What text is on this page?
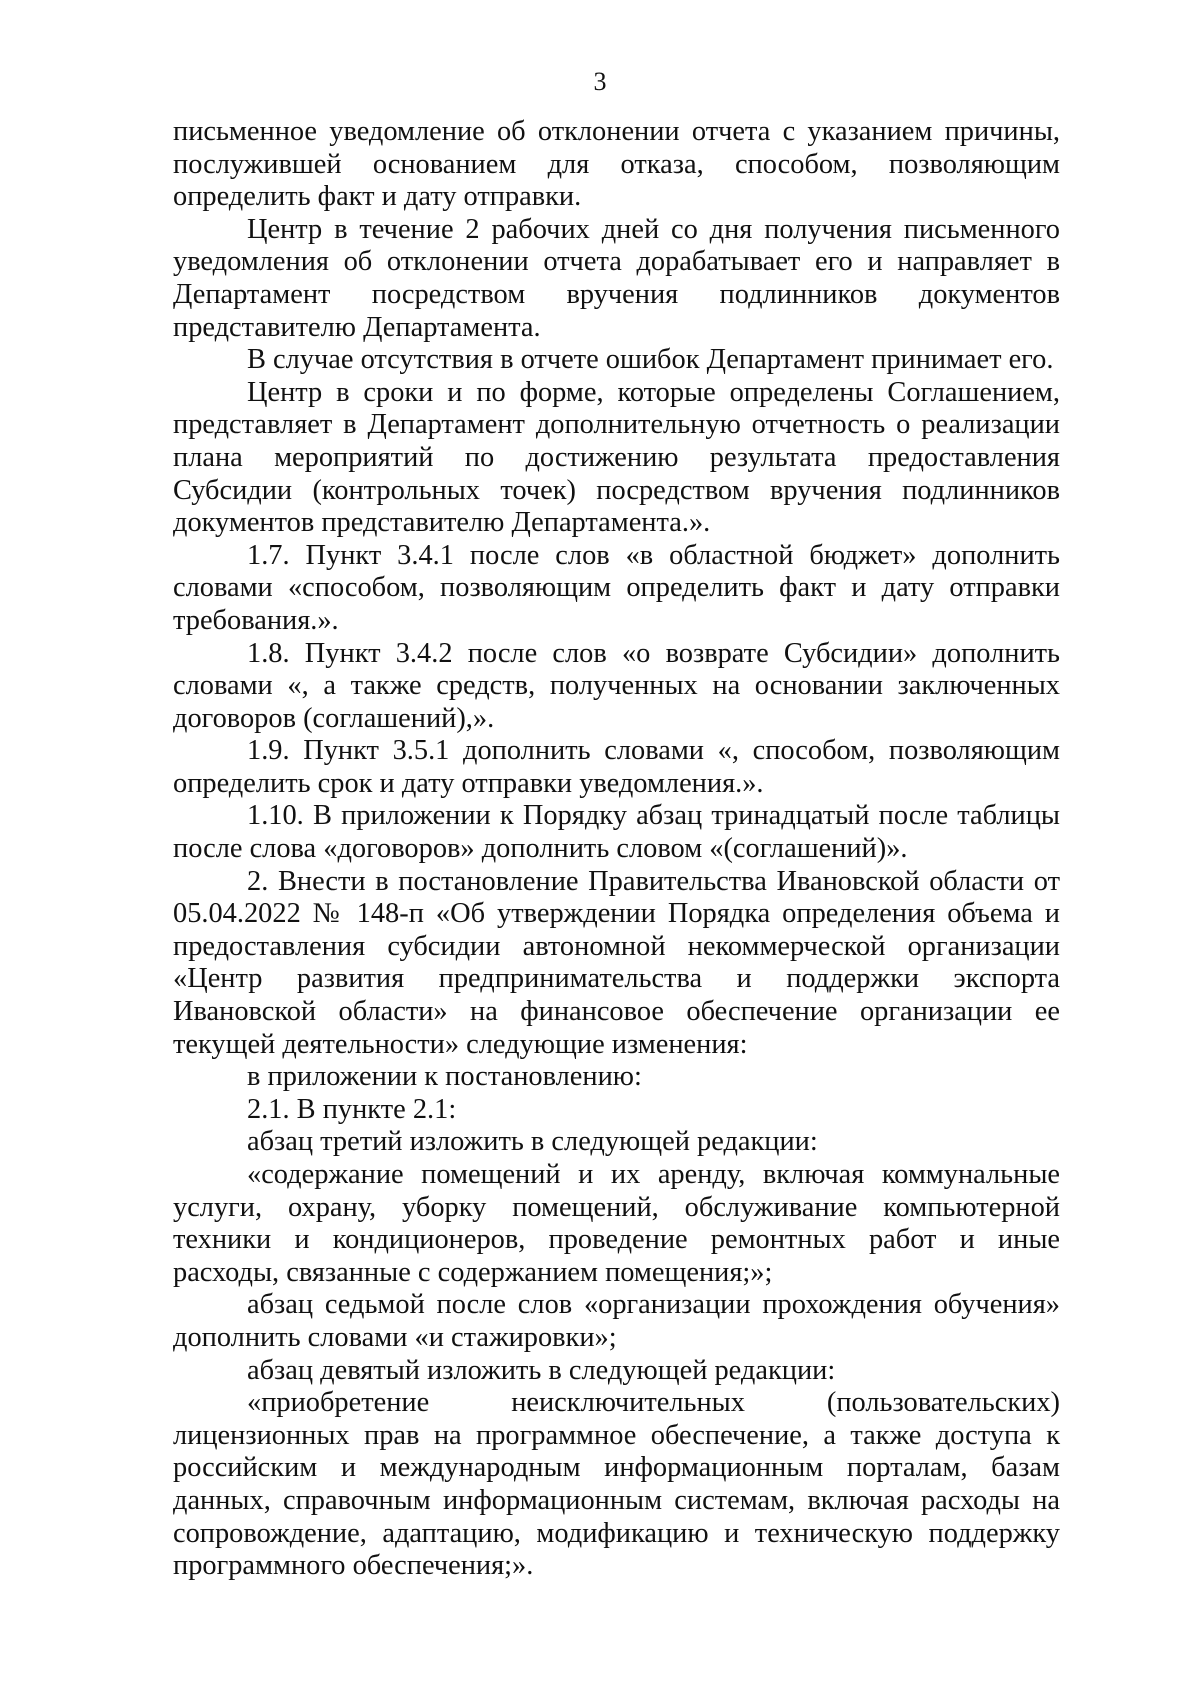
3

письменное уведомление об отклонении отчета с указанием причины, послужившей основанием для отказа, способом, позволяющим определить факт и дату отправки.

Центр в течение 2 рабочих дней со дня получения письменного уведомления об отклонении отчета дорабатывает его и направляет в Департамент посредством вручения подлинников документов представителю Департамента.

В случае отсутствия в отчете ошибок Департамент принимает его.

Центр в сроки и по форме, которые определены Соглашением, представляет в Департамент дополнительную отчетность о реализации плана мероприятий по достижению результата предоставления Субсидии (контрольных точек) посредством вручения подлинников документов представителю Департамента.».

1.7. Пункт 3.4.1 после слов «в областной бюджет» дополнить словами «способом, позволяющим определить факт и дату отправки требования.».

1.8. Пункт 3.4.2 после слов «о возврате Субсидии» дополнить словами «, а также средств, полученных на основании заключенных договоров (соглашений),».

1.9. Пункт 3.5.1 дополнить словами «, способом, позволяющим определить срок и дату отправки уведомления.».

1.10. В приложении к Порядку абзац тринадцатый после таблицы после слова «договоров» дополнить словом «(соглашений)».

2. Внести в постановление Правительства Ивановской области от 05.04.2022 № 148-п «Об утверждении Порядка определения объема и предоставления субсидии автономной некоммерческой организации «Центр развития предпринимательства и поддержки экспорта Ивановской области» на финансовое обеспечение организации ее текущей деятельности» следующие изменения:

в приложении к постановлению:

2.1. В пункте 2.1:

абзац третий изложить в следующей редакции:

«содержание помещений и их аренду, включая коммунальные услуги, охрану, уборку помещений, обслуживание компьютерной техники и кондиционеров, проведение ремонтных работ и иные расходы, связанные с содержанием помещения;»;

абзац седьмой после слов «организации прохождения обучения» дополнить словами «и стажировки»;

абзац девятый изложить в следующей редакции:

«приобретение неисключительных (пользовательских) лицензионных прав на программное обеспечение, а также доступа к российским и международным информационным порталам, базам данных, справочным информационным системам, включая расходы на сопровождение, адаптацию, модификацию и техническую поддержку программного обеспечения;».
